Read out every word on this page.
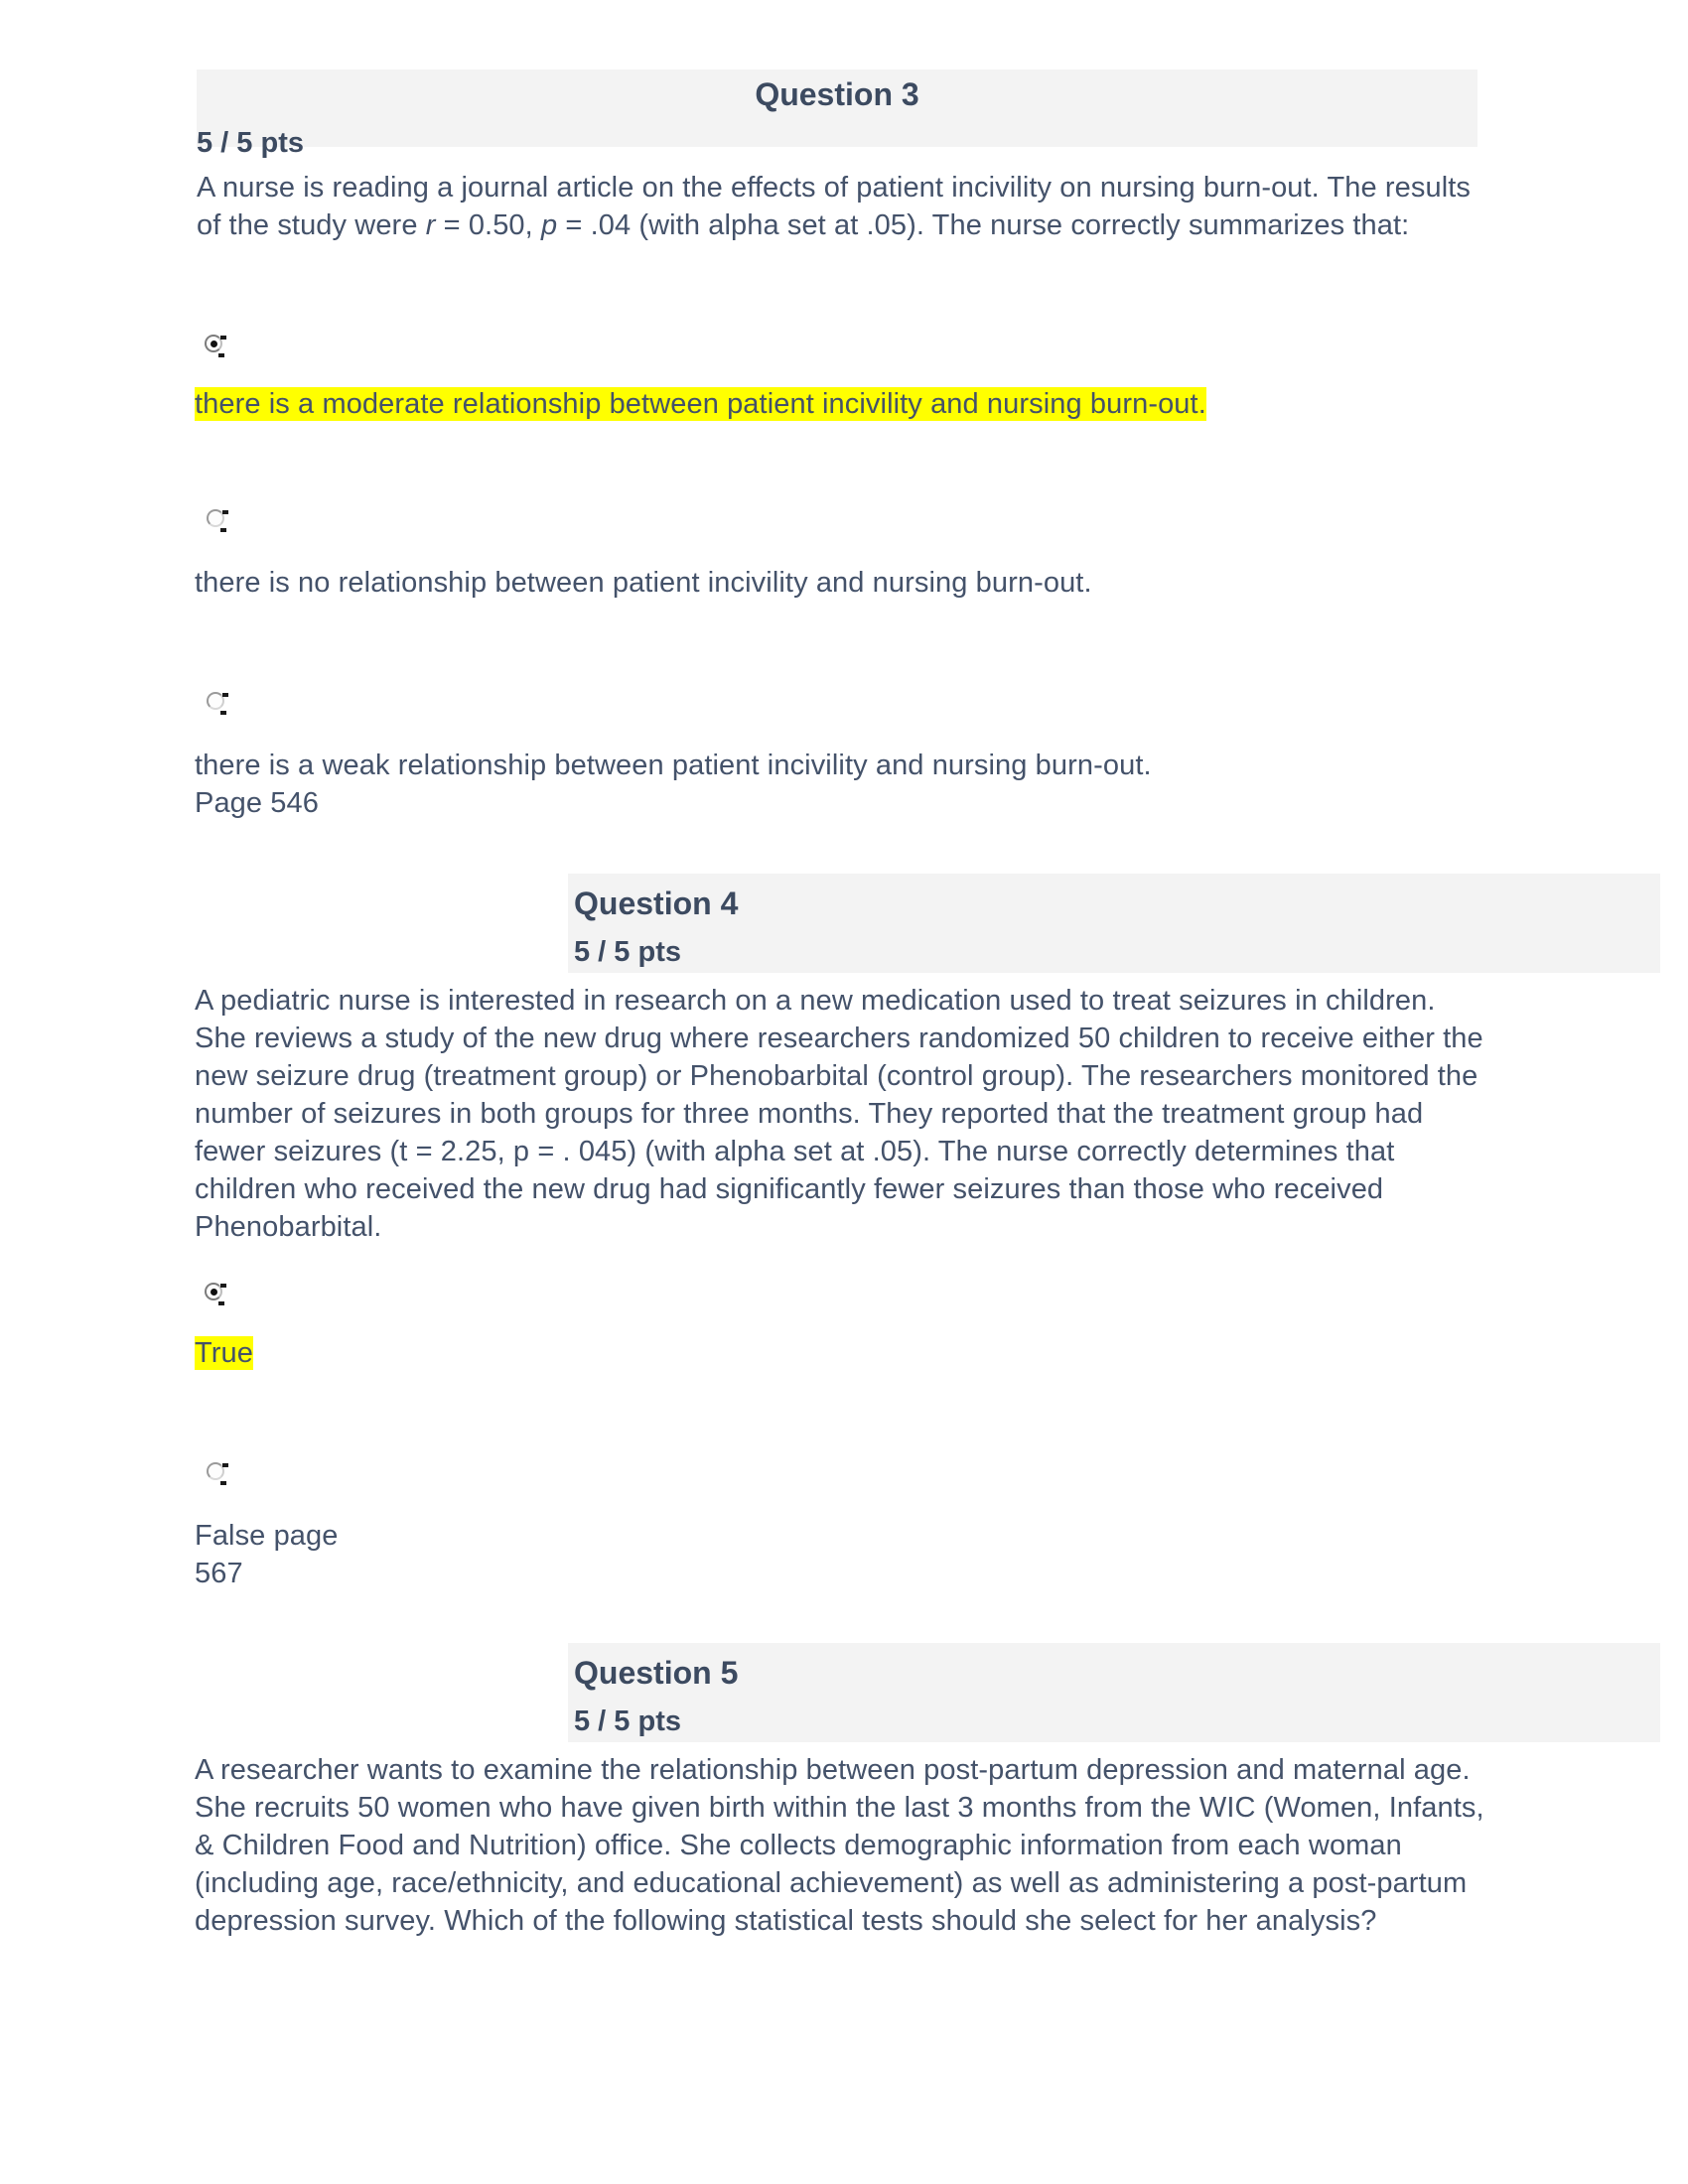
Question 3
5 / 5 pts
A nurse is reading a journal article on the effects of patient incivility on nursing burn-out. The results of the study were r = 0.50, p = .04 (with alpha set at .05). The nurse correctly summarizes that:
there is a moderate relationship between patient incivility and nursing burn-out.
there is no relationship between patient incivility and nursing burn-out.
there is a weak relationship between patient incivility and nursing burn-out.
Page 546
Question 4
5 / 5 pts
A pediatric nurse is interested in research on a new medication used to treat seizures in children. She reviews a study of the new drug where researchers randomized 50 children to receive either the new seizure drug (treatment group) or Phenobarbital (control group). The researchers monitored the number of seizures in both groups for three months. They reported that the treatment group had fewer seizures (t = 2.25, p = . 045) (with alpha set at .05). The nurse correctly determines that children who received the new drug had significantly fewer seizures than those who received Phenobarbital.
True
False page
567
Question 5
5 / 5 pts
A researcher wants to examine the relationship between post-partum depression and maternal age. She recruits 50 women who have given birth within the last 3 months from the WIC (Women, Infants, & Children Food and Nutrition) office. She collects demographic information from each woman (including age, race/ethnicity, and educational achievement) as well as administering a post-partum depression survey. Which of the following statistical tests should she select for her analysis?
